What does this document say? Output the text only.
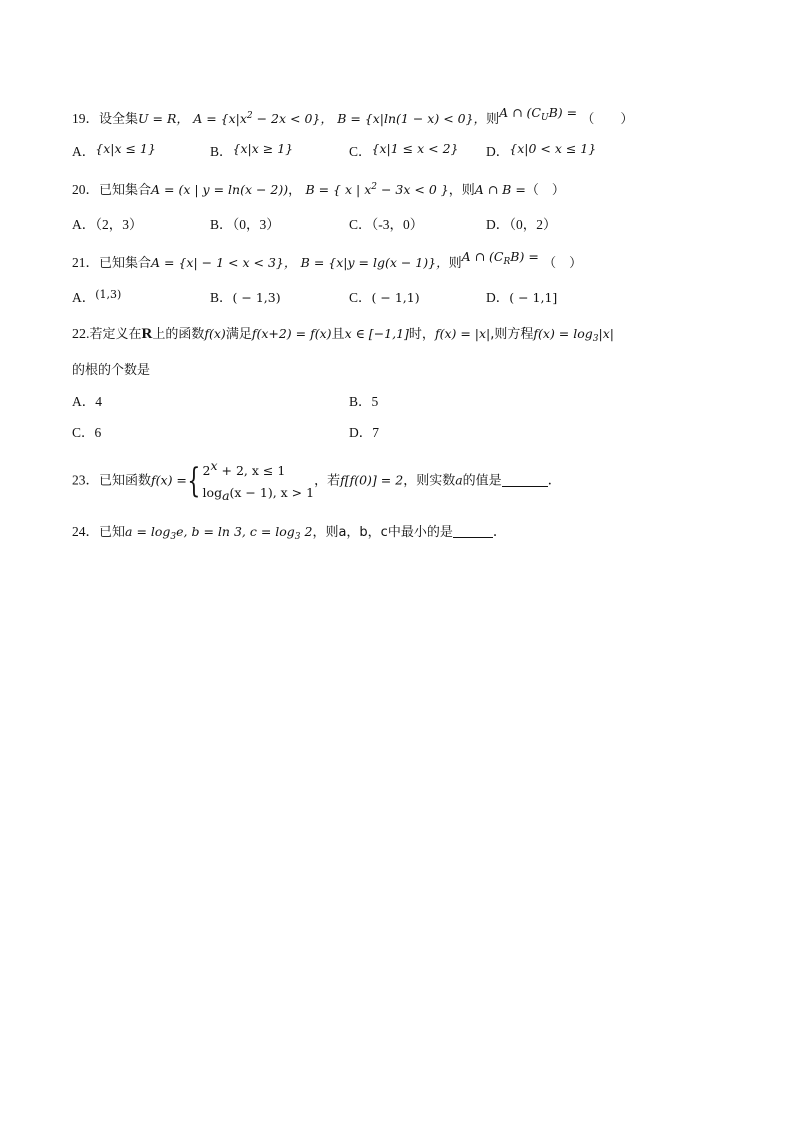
19．设全集U = R， $A = \{x|x^2 - 2x < 0\}$， B = {x|ln(1 − x) < 0}，则A ∩ $(C_UB)$ = （　　）
A．{x|x ≤ 1}	B．{x|x ≥ 1}	C．{x|1 ≤ x < 2} D．{x|0 < x ≤ 1}
20．已知集合A = (x | y = ln(x − 2))， B = { x | $x^2 - 3x < 0$ }，则A ∩ B =（　）
A．（2，3）	B．（0，3）	C．（-3，0）	D．（0，2）
21．已知集合A = {x| − 1 < x < 3}， B = {x|y = lg(x − 1)}，则A ∩ $(C_RB)$ = （　）
A．$^{(1,3)}$	B．( − 1,3)	C．( − 1,1)	D．( − 1,1]
22.若定义在R上的函数f(x)满足f(x+2) = f(x)且x ∈ [−1,1]时，f(x) = |x|,则方程$f(x) = \log_3|x|$
的根的个数是
A．4	B．5
C．6	D．7
23．已知函数f(x) ={ $2^x + 2$, x ≤ 1
$\log_a(x - 1)$, x > 1
，若f[f(0)] = 2，则实数a的值是	.
24．已知$a = \log_3e$, b = ln 3, $c = \log_3 2$，则a，b，c中最小的是	.
